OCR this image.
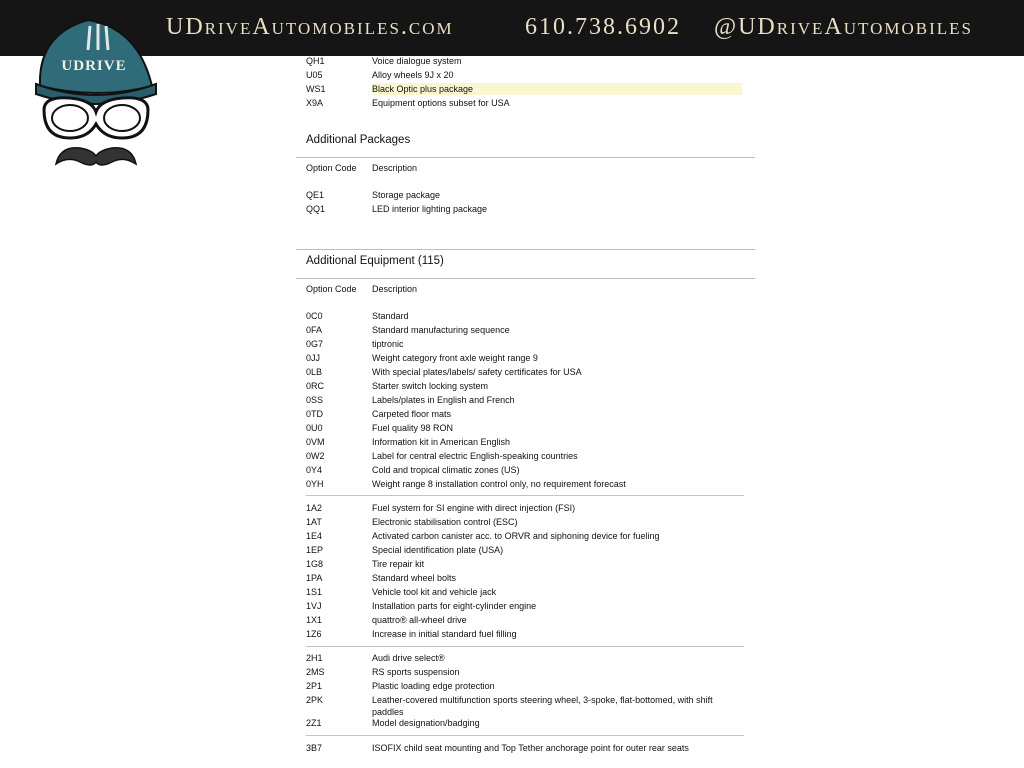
UDriveAutomobiles.com	610.738.6902 @UDriveAutomobiles
UDRIVE	QH1	Voice dialogue system
U05	Alloy wheels 9J x 20
WS1	Black Optic plus package
X9A	Equipment options subset for USA
Additional Packages
Option Code Description
QE1	Storage package
QQ1	LED interior lighting package
Additional Equipment (115)
Option Code Description
0C0	Standard
0FA	Standard manufacturing sequence
0G7	tiptronic
0JJ	Weight category front axle weight range 9
0LB	With special plates/labels/ safety certificates for USA
0RC	Starter switch locking system
0SS	Labels/plates in English and French
0TD	Carpeted floor mats
0U0	Fuel quality 98 RON
0VM	Information kit in American English
0W2	Label for central electric English-speaking countries
0Y4	Cold and tropical climatic zones (US)
0YH	Weight range 8 installation control only, no requirement forecast
1A2	Fuel system for SI engine with direct injection (FSI)
1AT	Electronic stabilisation control (ESC)
1E4	Activated carbon canister acc. to ORVR and siphoning device for fueling
1EP	Special identification plate (USA)
1G8	Tire repair kit
1PA	Standard wheel bolts
1S1	Vehicle tool kit and vehicle jack
1VJ	Installation parts for eight-cylinder engine
1X1	quattro® all-wheel drive
1Z6	Increase in initial standard fuel filling
2H1	Audi drive select®
2MS	RS sports suspension
2P1	Plastic loading edge protection
2PK	Leather-covered multifunction sports steering wheel, 3-spoke, flat-bottomed, with shift paddles
2Z1	Model designation/badging
3B7	ISOFIX child seat mounting and Top Tether anchorage point for outer rear seats
